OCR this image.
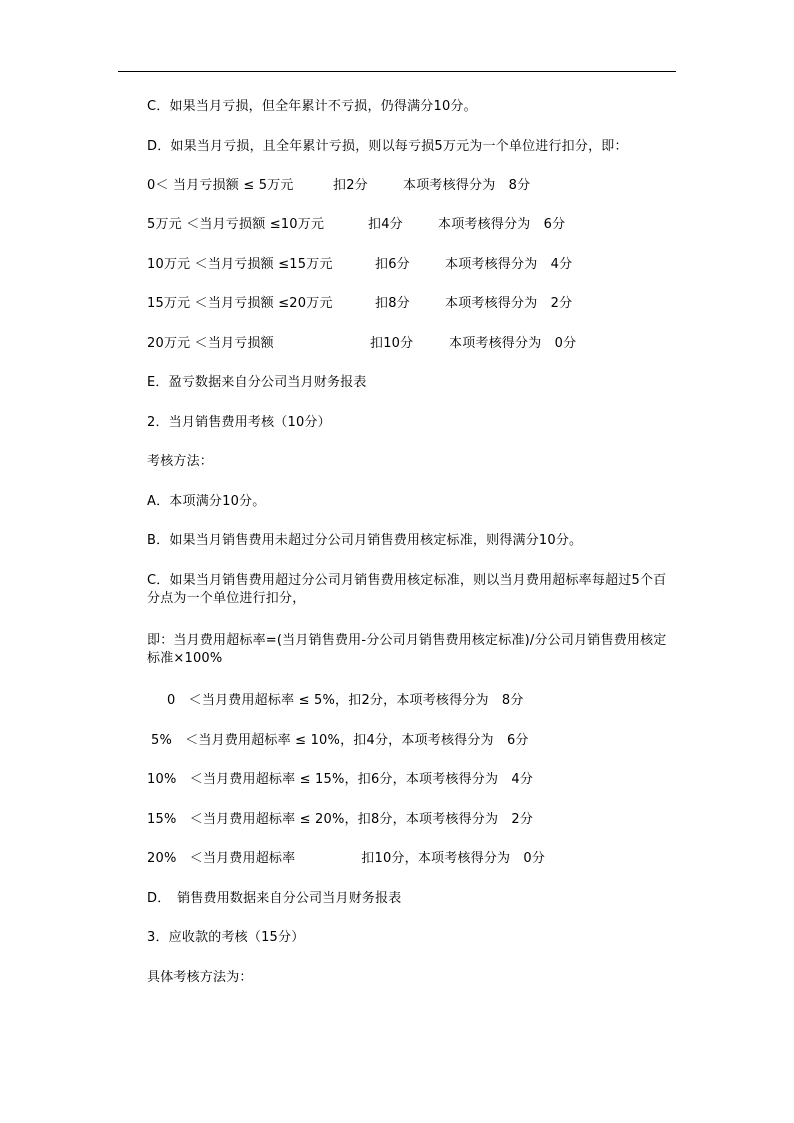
C．如果当月亏损，但全年累计不亏损，仍得满分10分。
D．如果当月亏损，且全年累计亏损，则以每亏损5万元为一个单位进行扣分，即：
0＜ 当月亏损额 ≤ 5万元	扣2分	本项考核得分为　8分
5万元 ＜当月亏损额 ≤10万元	扣4分	本项考核得分为　6分
10万元 ＜当月亏损额 ≤15万元	扣6分	本项考核得分为　4分
15万元 ＜当月亏损额 ≤20万元	扣8分	本项考核得分为　2分
20万元 ＜当月亏损额	扣10分	本项考核得分为　0分
E．盈亏数据来自分公司当月财务报表
2．当月销售费用考核（10分）
考核方法：
A．本项满分10分。
B．如果当月销售费用未超过分公司月销售费用核定标准，则得满分10分。
C．如果当月销售费用超过分公司月销售费用核定标准，则以当月费用超标率每超过5个百分点为一个单位进行扣分，
即：当月费用超标率=(当月销售费用-分公司月销售费用核定标准)/分公司月销售费用核定标准×100%
0　＜当月费用超标率 ≤ 5%，扣2分，本项考核得分为　8分
5%　＜当月费用超标率 ≤ 10%，扣4分，本项考核得分为　6分
10%　＜当月费用超标率 ≤ 15%，扣6分，本项考核得分为　4分
15%　＜当月费用超标率 ≤ 20%，扣8分，本项考核得分为　2分
20%　＜当月费用超标率　　　　　扣10分，本项考核得分为　0分
D．　销售费用数据来自分公司当月财务报表
3．应收款的考核（15分）
具体考核方法为：
